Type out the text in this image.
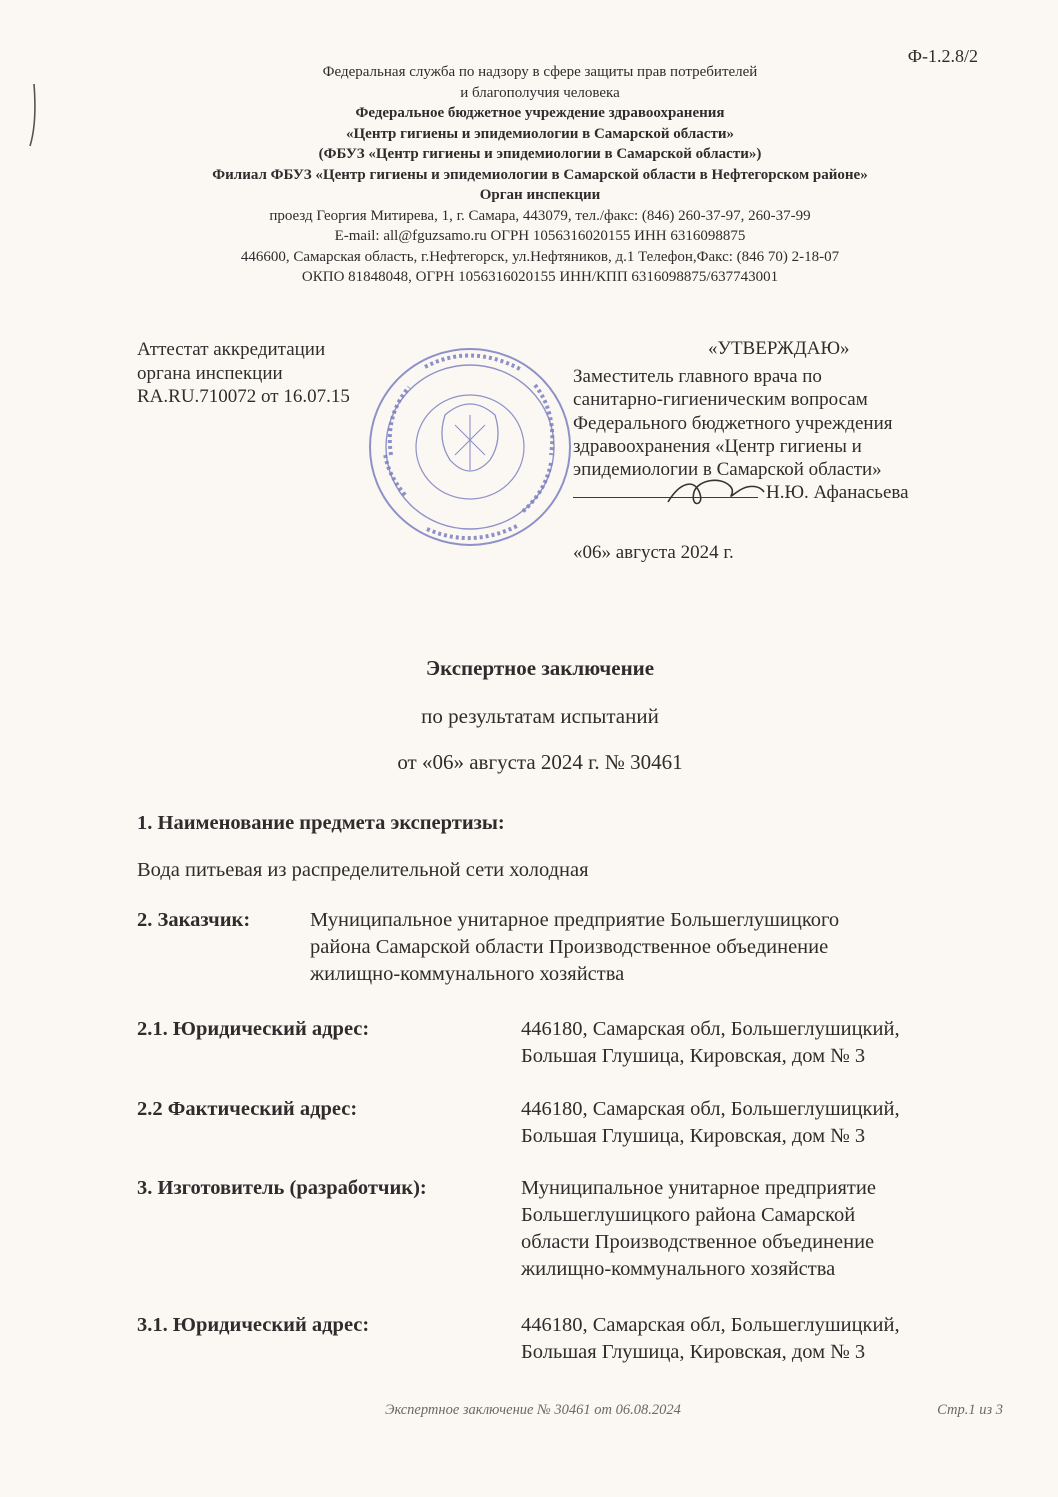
Ф-1.2.8/2
Федеральная служба по надзору в сфере защиты прав потребителей
и благополучия человека
Федеральное бюджетное учреждение здравоохранения
«Центр гигиены и эпидемиологии в Самарской области»
(ФБУЗ «Центр гигиены и эпидемиологии в Самарской области»)
Филиал ФБУЗ «Центр гигиены и эпидемиологии в Самарской области в Нефтегорском районе»
Орган инспекции
проезд Георгия Митирева, 1, г. Самара, 443079, тел./факс: (846) 260-37-97, 260-37-99
E-mail: all@fguzsamo.ru ОГРН 1056316020155 ИНН 6316098875
446600, Самарская область, г.Нефтегорск, ул.Нефтяников, д.1 Телефон,Факс: (846 70) 2-18-07
ОКПО 81848048, ОГРН 1056316020155 ИНН/КПП 6316098875/637743001
Аттестат аккредитации
органа инспекции
RA.RU.710072 от 16.07.15
«УТВЕРЖДАЮ»
Заместитель главного врача по
санитарно-гигиеническим вопросам
Федерального бюджетного учреждения
здравоохранения «Центр гигиены и
эпидемиологии в Самарской области»
Н.Ю. Афанасьева
«06» августа 2024 г.
Экспертное заключение
по результатам испытаний
от «06» августа 2024 г. № 30461
1. Наименование предмета экспертизы:
Вода питьевая из распределительной сети холодная
2. Заказчик:	Муниципальное унитарное предприятие Большеглушицкого
района Самарской области Производственное объединение
жилищно-коммунального хозяйства
2.1. Юридический адрес:	446180, Самарская обл, Большеглушицкий,
Большая Глушица, Кировская, дом № 3
2.2 Фактический адрес:	446180, Самарская обл, Большеглушицкий,
Большая Глушица, Кировская, дом № 3
3. Изготовитель (разработчик):	Муниципальное унитарное предприятие
Большеглушицкого района Самарской
области Производственное объединение
жилищно-коммунального хозяйства
3.1. Юридический адрес:	446180, Самарская обл, Большеглушицкий,
Большая Глушица, Кировская, дом № 3
Экспертное заключение № 30461 от 06.08.2024	Стр.1 из 3
